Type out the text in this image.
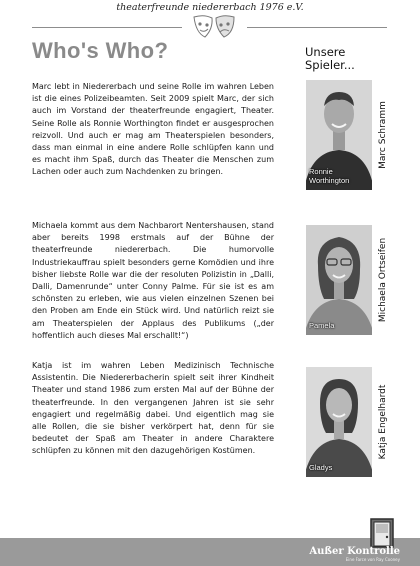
theaterfreunde niedererbach 1976 e.V.
Who's Who?	Unsere Spieler...
Marc lebt in Niedererbach und seine Rolle im wahren Leben ist die eines Polizeibeamten. Seit 2009 spielt Marc, der sich auch im Vorstand der theaterfreunde engagiert, Theater. Seine Rolle als Ronnie Worthington findet er ausgesprochen reizvoll. Und auch er mag am Theaterspielen besonders, dass man einmal in eine andere Rolle schlüpfen kann und es macht ihm Spaß, durch das Theater die Menschen zum Lachen oder auch zum Nachdenken zu bringen.
Michaela kommt aus dem Nachbarort Nentershausen, stand aber bereits 1998 erstmals auf der Bühne der theaterfreunde niedererbach. Die humorvolle Industriekauffrau spielt besonders gerne Komödien und ihre bisher liebste Rolle war die der resoluten Polizistin in „Dalli, Dalli, Damenrunde“ unter Conny Palme. Für sie ist es am schönsten zu erleben, wie aus vielen einzelnen Szenen bei den Proben am Ende ein Stück wird. Und natürlich reizt sie am Theaterspielen der Applaus des Publikums („der hoffentlich auch dieses Mal erschallt!“)
Katja ist im wahren Leben Medizinisch Technische Assistentin. Die Niedererbacherin spielt seit ihrer Kindheit Theater und stand 1986 zum ersten Mal auf der Bühne der theaterfreunde. In den vergangenen Jahren ist sie sehr engagiert und regelmäßig dabei. Und eigentlich mag sie alle Rollen, die sie bisher verkörpert hat, denn für sie bedeutet der Spaß am Theater in andere Charaktere schlüpfen zu können mit den dazugehörigen Kostümen.
Ronnie Worthington
Marc Schramm
Pamela
Michaela Ortseifen
Gladys
Katja Engelhardt
Außer Kontrolle
Eine Farce von Ray Cooney
